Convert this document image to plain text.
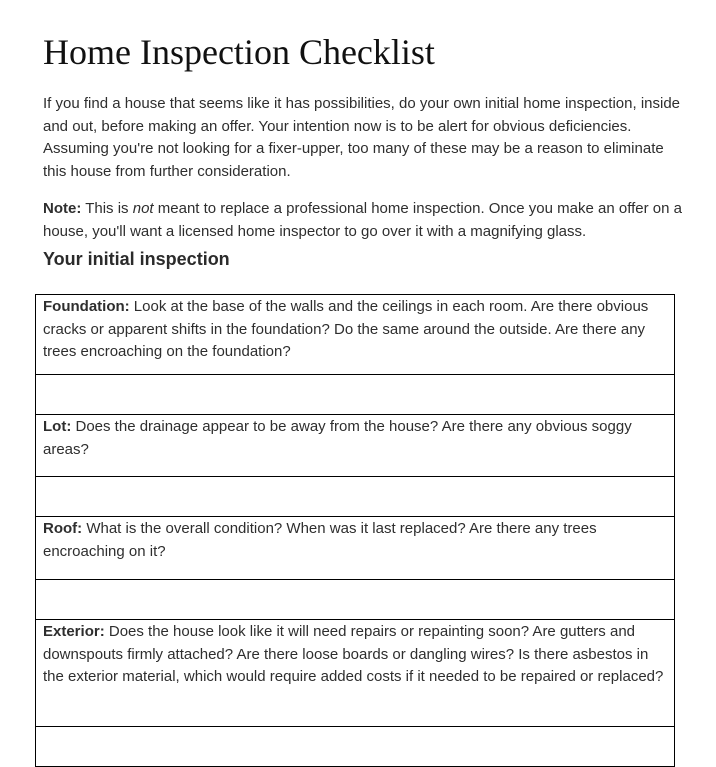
Home Inspection Checklist

If you find a house that seems like it has possibilities, do your own initial home inspection, inside and out, before making an offer. Your intention now is to be alert for obvious deficiencies. Assuming you're not looking for a fixer-upper, too many of these may be a reason to eliminate this house from further consideration.

Note: This is not meant to replace a professional home inspection. Once you make an offer on a house, you'll want a licensed home inspector to go over it with a magnifying glass.

Your initial inspection
Foundation: Look at the base of the walls and the ceilings in each room. Are there obvious cracks or apparent shifts in the foundation? Do the same around the outside. Are there any trees encroaching on the foundation?

Lot: Does the drainage appear to be away from the house? Are there any obvious soggy areas?

Roof: What is the overall condition? When was it last replaced? Are there any trees encroaching on it?

Exterior: Does the house look like it will need repairs or repainting soon? Are gutters and downspouts firmly attached? Are there loose boards or dangling wires? Is there asbestos in the exterior material, which would require added costs if it needed to be repaired or replaced?
